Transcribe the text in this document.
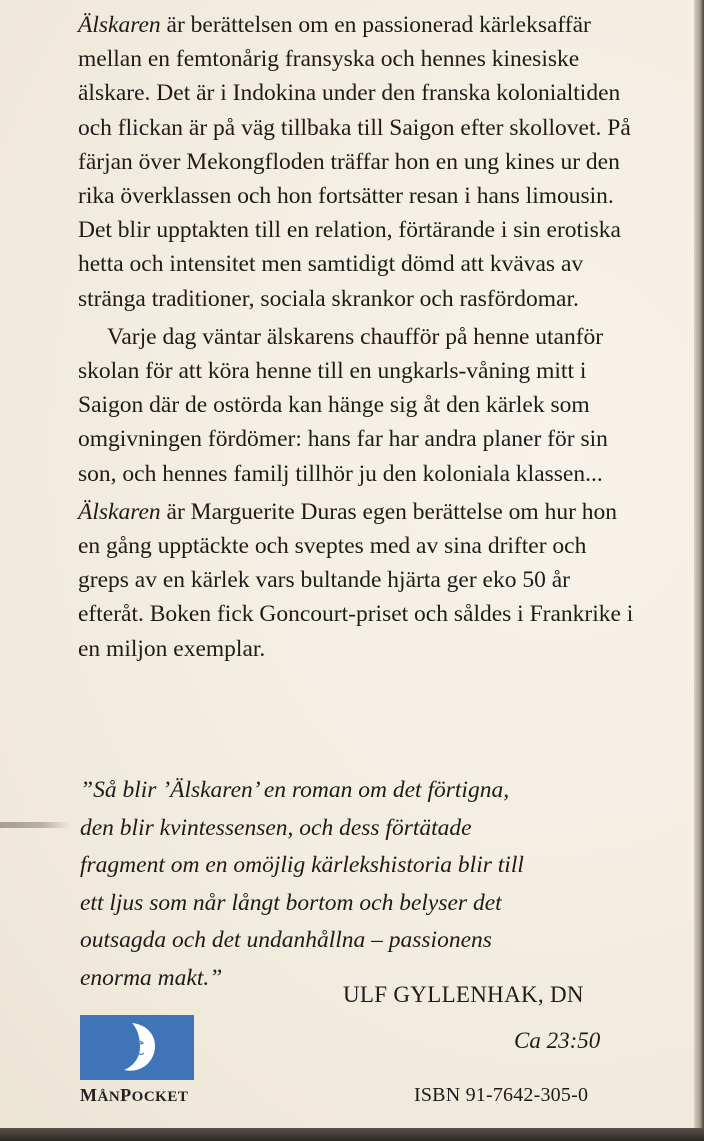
Älskaren är berättelsen om en passionerad kärleksaffär mellan en femtonårig fransyska och hennes kinesiske älskare. Det är i Indokina under den franska kolonialtiden och flickan är på väg tillbaka till Saigon efter skollovet. På färjan över Mekongfloden träffar hon en ung kines ur den rika överklassen och hon fortsätter resan i hans limousin. Det blir upptakten till en relation, förtärande i sin erotiska hetta och intensitet men samtidigt dömd att kvävas av stränga traditioner, sociala skrankor och rasfördomar.

Varje dag väntar älskarens chaufför på henne utanför skolan för att köra henne till en ungkarls-våning mitt i Saigon där de ostörda kan hänge sig åt den kärlek som omgivningen fördömer: hans far har andra planer för sin son, och hennes familj tillhör ju den koloniala klassen...

Älskaren är Marguerite Duras egen berättelse om hur hon en gång upptäckte och sveptes med av sina drifter och greps av en kärlek vars bultande hjärta ger eko 50 år efteråt. Boken fick Goncourt-priset och såldes i Frankrike i en miljon exemplar.

”Så blir ’Älskaren’ en roman om det förtigna,

den blir kvintessensen, och dess förtätade

fragment om en omöjlig kärlekshistoria blir till

ett ljus som når långt bortom och belyser det

outsagda och det undanhållna – passionens

enorma makt.”

ULF GYLLENHAK, DN
MÅNPOCKET
Ca 23:50
ISBN 91-7642-305-0
